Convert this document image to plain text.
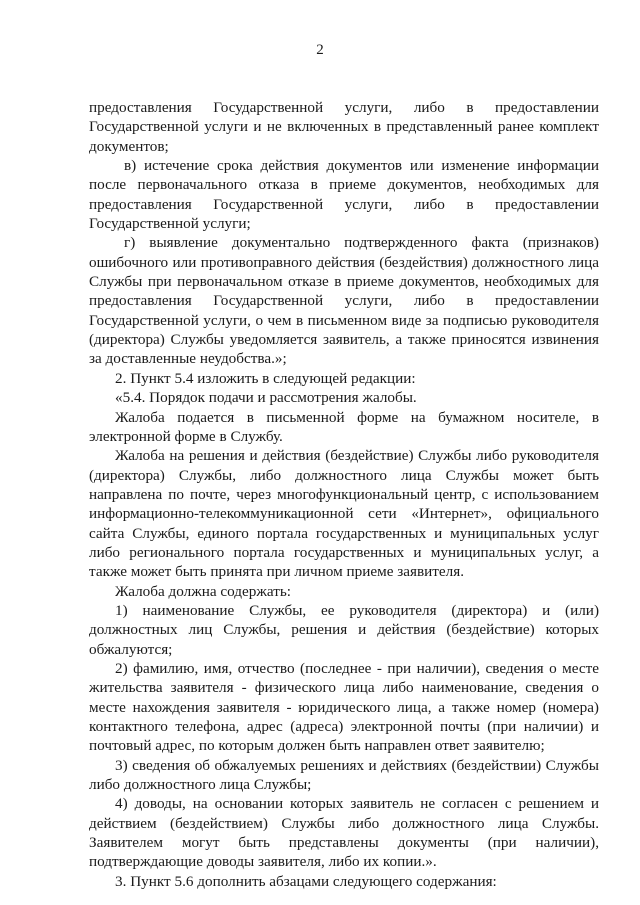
2

предоставления Государственной услуги, либо в предоставлении Государственной услуги и не включенных в представленный ранее комплект документов;

в) истечение срока действия документов или изменение информации после первоначального отказа в приеме документов, необходимых для предоставления Государственной услуги, либо в предоставлении Государственной услуги;

г) выявление документально подтвержденного факта (признаков) ошибочного или противоправного действия (бездействия) должностного лица Службы при первоначальном отказе в приеме документов, необходимых для предоставления Государственной услуги, либо в предоставлении Государственной услуги, о чем в письменном виде за подписью руководителя (директора) Службы уведомляется заявитель, а также приносятся извинения за доставленные неудобства.»;

2. Пункт 5.4 изложить в следующей редакции:

«5.4. Порядок подачи и рассмотрения жалобы.

Жалоба подается в письменной форме на бумажном носителе, в электронной форме в Службу.

Жалоба на решения и действия (бездействие) Службы либо руководителя (директора) Службы, либо должностного лица Службы может быть направлена по почте, через многофункциональный центр, с использованием информационно-телекоммуникационной сети «Интернет», официального сайта Службы, единого портала государственных и муниципальных услуг либо регионального портала государственных и муниципальных услуг, а также может быть принята при личном приеме заявителя.

Жалоба должна содержать:

1) наименование Службы, ее руководителя (директора) и (или) должностных лиц Службы, решения и действия (бездействие) которых обжалуются;

2) фамилию, имя, отчество (последнее - при наличии), сведения о месте жительства заявителя - физического лица либо наименование, сведения о месте нахождения заявителя - юридического лица, а также номер (номера) контактного телефона, адрес (адреса) электронной почты (при наличии) и почтовый адрес, по которым должен быть направлен ответ заявителю;

3) сведения об обжалуемых решениях и действиях (бездействии) Службы либо должностного лица Службы;

4) доводы, на основании которых заявитель не согласен с решением и действием (бездействием) Службы либо должностного лица Службы. Заявителем могут быть представлены документы (при наличии), подтверждающие доводы заявителя, либо их копии.».

3. Пункт 5.6 дополнить абзацами следующего содержания:
